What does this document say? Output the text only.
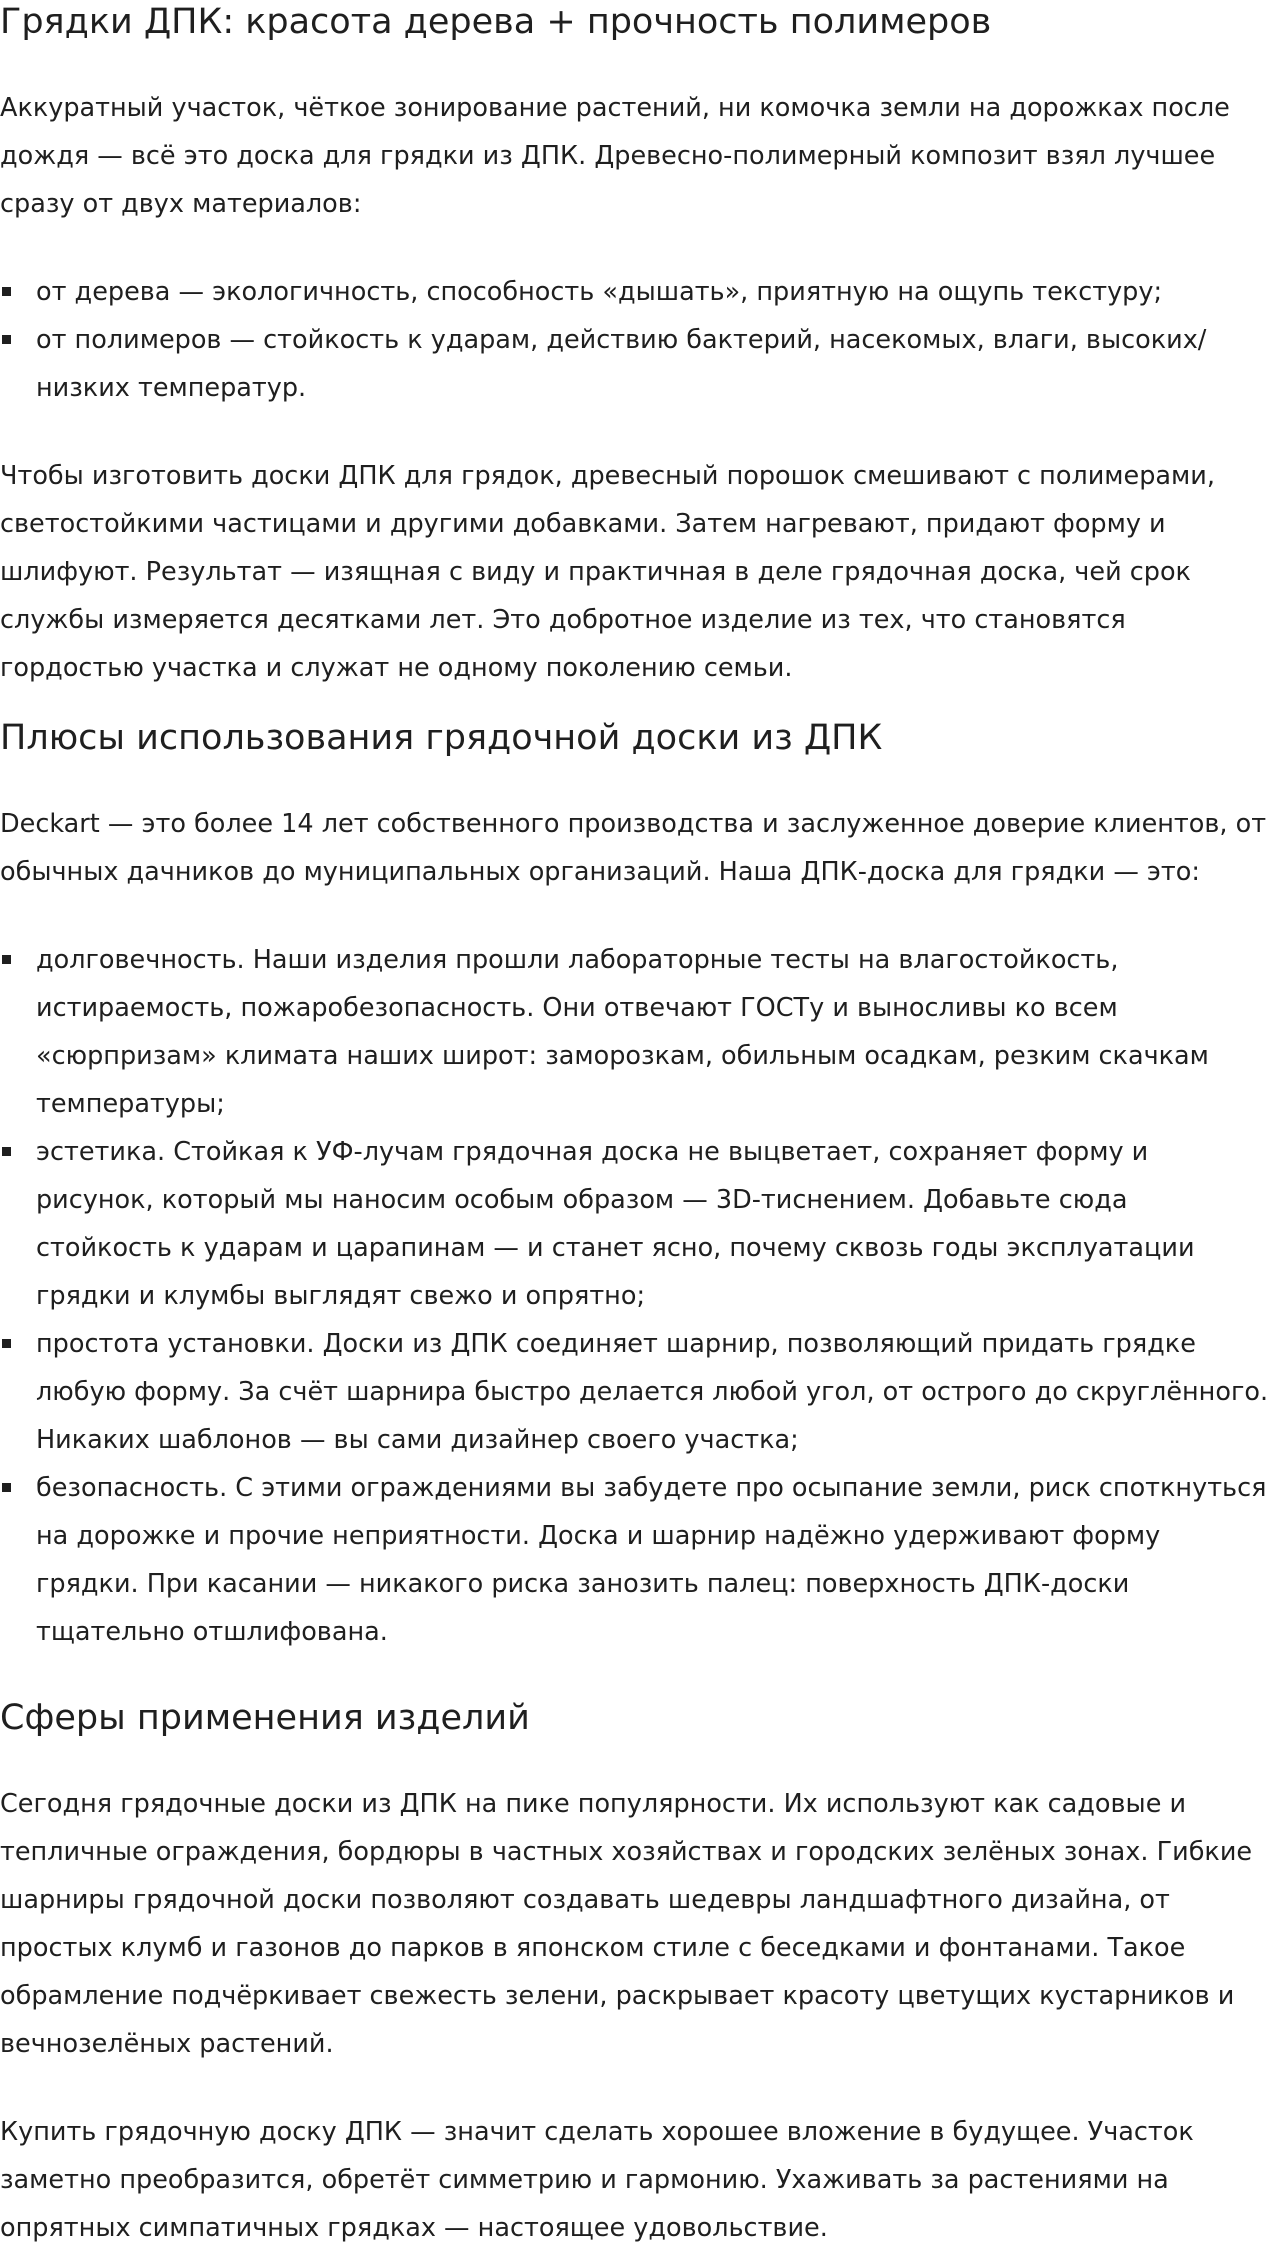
Грядки ДПК: красота дерева + прочность полимеров

Аккуратный участок, чёткое зонирование растений, ни комочка земли на дорожках после дождя — всё это доска для грядки из ДПК. Древесно-полимерный композит взял лучшее сразу от двух материалов:

от дерева — экологичность, способность «дышать», приятную на ощупь текстуру;
от полимеров — стойкость к ударам, действию бактерий, насекомых, влаги, высоких/низких температур.

Чтобы изготовить доски ДПК для грядок, древесный порошок смешивают с полимерами, светостойкими частицами и другими добавками. Затем нагревают, придают форму и шлифуют. Результат — изящная с виду и практичная в деле грядочная доска, чей срок службы измеряется десятками лет. Это добротное изделие из тех, что становятся гордостью участка и служат не одному поколению семьи.

Плюсы использования грядочной доски из ДПК

Deckart — это более 14 лет собственного производства и заслуженное доверие клиентов, от обычных дачников до муниципальных организаций. Наша ДПК-доска для грядки — это:

долговечность. Наши изделия прошли лабораторные тесты на влагостойкость, истираемость, пожаробезопасность. Они отвечают ГОСТу и выносливы ко всем «сюрпризам» климата наших широт: заморозкам, обильным осадкам, резким скачкам температуры;
эстетика. Стойкая к УФ-лучам грядочная доска не выцветает, сохраняет форму и рисунок, который мы наносим особым образом — 3D-тиснением. Добавьте сюда стойкость к ударам и царапинам — и станет ясно, почему сквозь годы эксплуатации грядки и клумбы выглядят свежо и опрятно;
простота установки. Доски из ДПК соединяет шарнир, позволяющий придать грядке любую форму. За счёт шарнира быстро делается любой угол, от острого до скруглённого. Никаких шаблонов — вы сами дизайнер своего участка;
безопасность. С этими ограждениями вы забудете про осыпание земли, риск споткнуться на дорожке и прочие неприятности. Доска и шарнир надёжно удерживают форму грядки. При касании — никакого риска занозить палец: поверхность ДПК-доски тщательно отшлифована.
Сферы применения изделий

Сегодня грядочные доски из ДПК на пике популярности. Их используют как садовые и тепличные ограждения, бордюры в частных хозяйствах и городских зелёных зонах. Гибкие шарниры грядочной доски позволяют создавать шедевры ландшафтного дизайна, от простых клумб и газонов до парков в японском стиле с беседками и фонтанами. Такое обрамление подчёркивает свежесть зелени, раскрывает красоту цветущих кустарников и вечнозелёных растений.

Купить грядочную доску ДПК — значит сделать хорошее вложение в будущее. Участок заметно преобразится, обретёт симметрию и гармонию. Ухаживать за растениями на опрятных симпатичных грядках — настоящее удовольствие.
